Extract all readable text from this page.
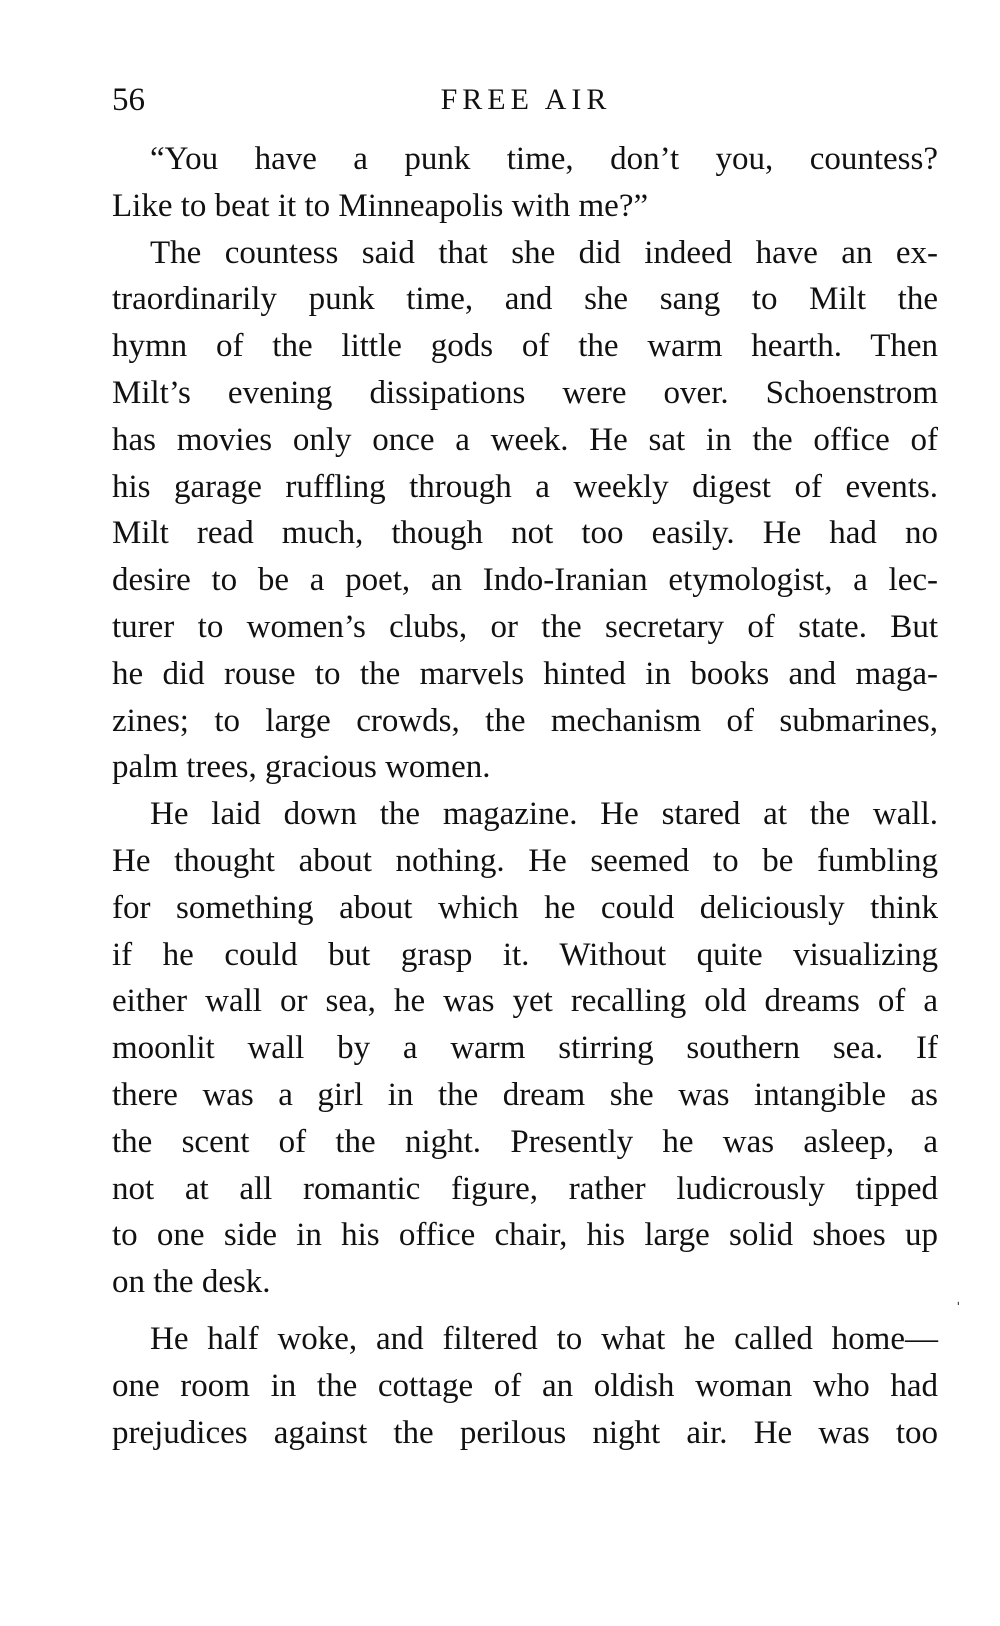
56	FREE AIR
“You have a punk time, don’t you, countess?
Like to beat it to Minneapolis with me?”
The countess said that she did indeed have an ex-
traordinarily punk time, and she sang to Milt the
hymn of the little gods of the warm hearth. Then
Milt’s evening dissipations were over. Schoenstrom
has movies only once a week. He sat in the office of
his garage ruffling through a weekly digest of events.
Milt read much, though not too easily. He had no
desire to be a poet, an Indo-Iranian etymologist, a lec-
turer to women’s clubs, or the secretary of state. But
he did rouse to the marvels hinted in books and maga-
zines; to large crowds, the mechanism of submarines,
palm trees, gracious women.
He laid down the magazine. He stared at the wall.
He thought about nothing. He seemed to be fumbling
for something about which he could deliciously think
if he could but grasp it. Without quite visualizing
either wall or sea, he was yet recalling old dreams of a
moonlit wall by a warm stirring southern sea. If
there was a girl in the dream she was intangible as
the scent of the night. Presently he was asleep, a
not at all romantic figure, rather ludicrously tipped
to one side in his office chair, his large solid shoes up
on the desk.
He half woke, and filtered to what he called home—
one room in the cottage of an oldish woman who had
prejudices against the perilous night air. He was too
ˈ
